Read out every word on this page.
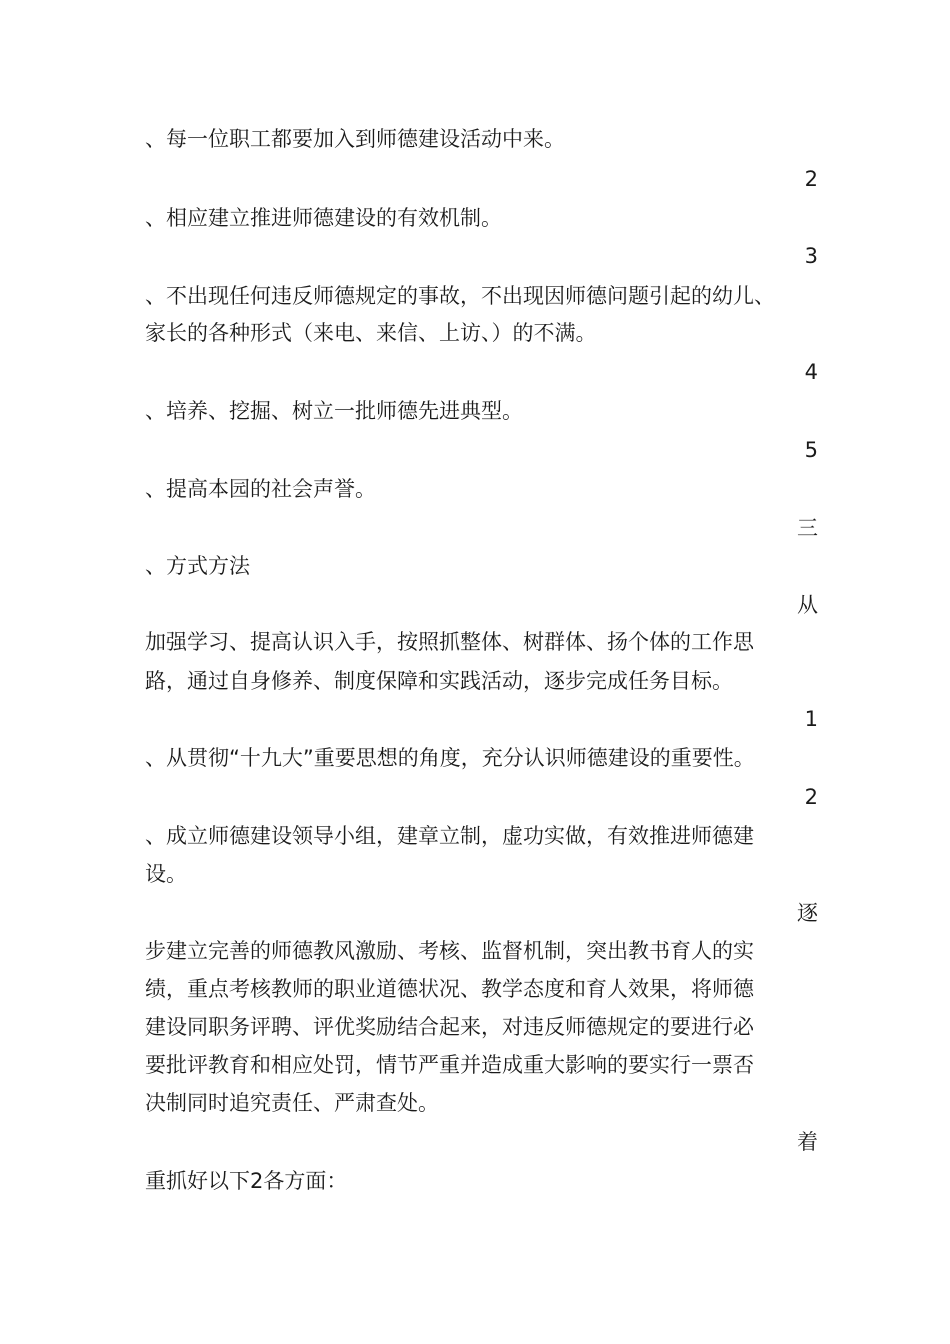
、每一位职工都要加入到师德建设活动中来。
2
、相应建立推进师德建设的有效机制。
3
、不出现任何违反师德规定的事故，不出现因师德问题引起的幼儿、
家长的各种形式（来电、来信、上访、）的不满。
4
、培养、挖掘、树立一批师德先进典型。
5
、提高本园的社会声誉。
三
、方式方法
从
加强学习、提高认识入手，按照抓整体、树群体、扬个体的工作思
路，通过自身修养、制度保障和实践活动，逐步完成任务目标。
1
、从贯彻“十九大”重要思想的角度，充分认识师德建设的重要性。
2
、成立师德建设领导小组，建章立制，虚功实做，有效推进师德建
设。
逐
步建立完善的师德教风激励、考核、监督机制，突出教书育人的实
绩，重点考核教师的职业道德状况、教学态度和育人效果，将师德
建设同职务评聘、评优奖励结合起来，对违反师德规定的要进行必
要批评教育和相应处罚，情节严重并造成重大影响的要实行一票否
决制同时追究责任、严肃查处。
着
重抓好以下2各方面：
